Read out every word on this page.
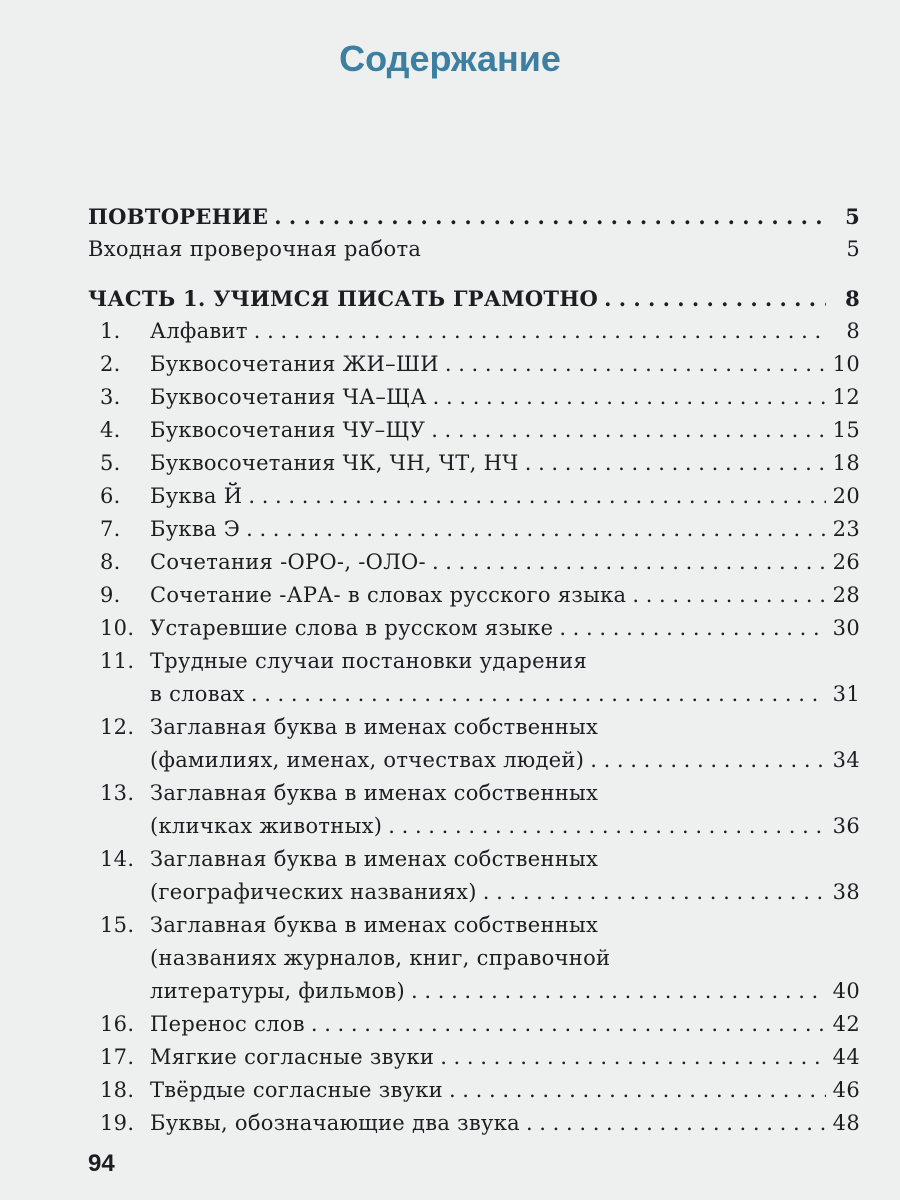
Содержание
ПОВТОРЕНИЕ . . .	5
Входная проверочная работа	5
ЧАСТЬ 1. УЧИМСЯ ПИСАТЬ ГРАМОТНО . . .	8
1.	Алфавит . . .	8
2.	Буквосочетания ЖИ–ШИ . . .	10
3.	Буквосочетания ЧА–ЩА . . .	12
4.	Буквосочетания ЧУ–ЩУ . . .	15
5.	Буквосочетания ЧК, ЧН, ЧТ, НЧ . . .	18
6.	Буква Й . . .	20
7.	Буква Э . . .	23
8.	Сочетания -ОРО-, -ОЛО- . . .	26
9.	Сочетание -АРА- в словах русского языка . . .	28
10. Устаревшие слова в русском языке . . .	30
11. Трудные случаи постановки ударения
в словах . . .	31
12. Заглавная буква в именах собственных
(фамилиях, именах, отчествах людей) . . .	34
13. Заглавная буква в именах собственных
(кличках животных) . . .	36
14. Заглавная буква в именах собственных
(географических названиях) . . .	38
15. Заглавная буква в именах собственных
(названиях журналов, книг, справочной
литературы, фильмов) . . .	40
16. Перенос слов . . .	42
17. Мягкие согласные звуки . . .	44
18. Твёрдые согласные звуки . . .	46
19. Буквы, обозначающие два звука . . .	48
94
